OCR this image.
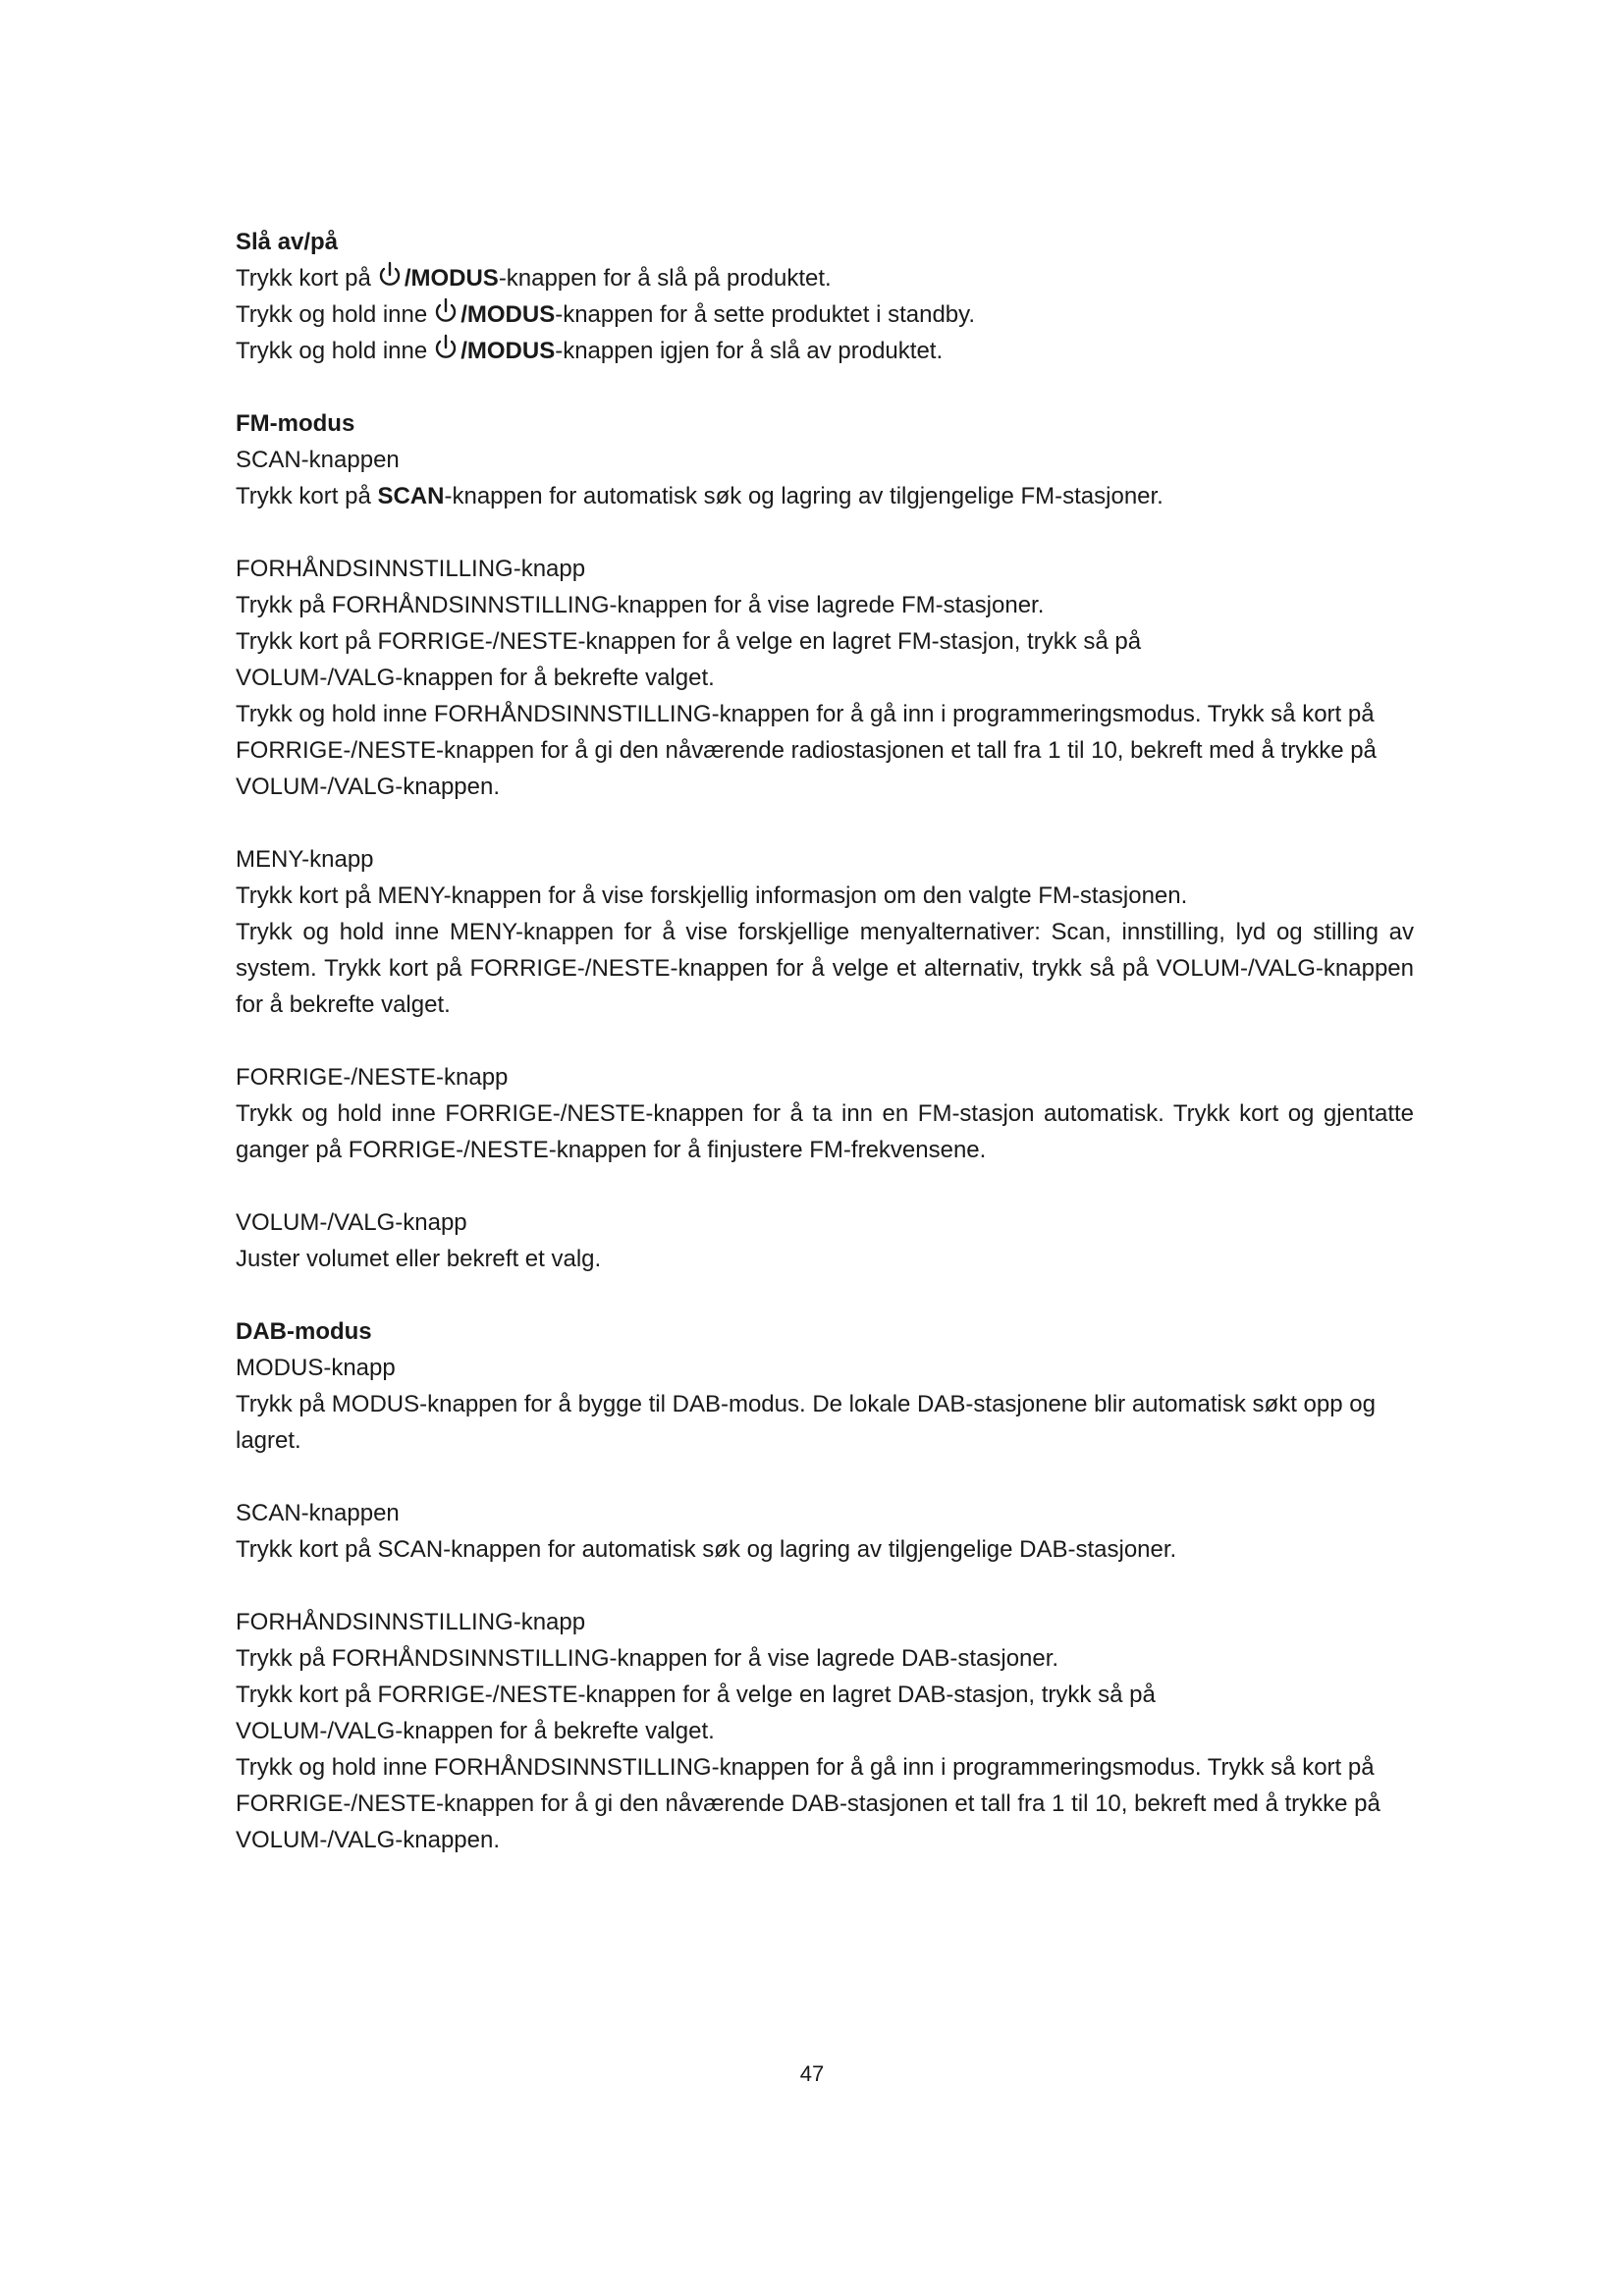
Slå av/på
Trykk kort på /MODUS-knappen for å slå på produktet.
Trykk og hold inne /MODUS-knappen for å sette produktet i standby.
Trykk og hold inne /MODUS-knappen igjen for å slå av produktet.
FM-modus
SCAN-knappen
Trykk kort på SCAN-knappen for automatisk søk og lagring av tilgjengelige FM-stasjoner.
FORHÅNDSINNSTILLING-knapp
Trykk på FORHÅNDSINNSTILLING-knappen for å vise lagrede FM-stasjoner.
Trykk kort på FORRIGE-/NESTE-knappen for å velge en lagret FM-stasjon, trykk så på
VOLUM-/VALG-knappen for å bekrefte valget.
Trykk og hold inne FORHÅNDSINNSTILLING-knappen for å gå inn i programmeringsmodus. Trykk så kort på FORRIGE-/NESTE-knappen for å gi den nåværende radiostasjonen et tall fra 1 til 10, bekreft med å trykke på VOLUM-/VALG-knappen.
MENY-knapp
Trykk kort på MENY-knappen for å vise forskjellig informasjon om den valgte FM-stasjonen.
Trykk og hold inne MENY-knappen for å vise forskjellige menyalternativer: Scan, innstilling, lyd og stilling av system. Trykk kort på FORRIGE-/NESTE-knappen for å velge et alternativ, trykk så på VOLUM-/VALG-knappen for å bekrefte valget.
FORRIGE-/NESTE-knapp
Trykk og hold inne FORRIGE-/NESTE-knappen for å ta inn en FM-stasjon automatisk. Trykk kort og gjentatte ganger på FORRIGE-/NESTE-knappen for å finjustere FM-frekvensene.
VOLUM-/VALG-knapp
Juster volumet eller bekreft et valg.
DAB-modus
MODUS-knapp
Trykk på MODUS-knappen for å bygge til DAB-modus. De lokale DAB-stasjonene blir automatisk søkt opp og lagret.
SCAN-knappen
Trykk kort på SCAN-knappen for automatisk søk og lagring av tilgjengelige DAB-stasjoner.
FORHÅNDSINNSTILLING-knapp
Trykk på FORHÅNDSINNSTILLING-knappen for å vise lagrede DAB-stasjoner.
Trykk kort på FORRIGE-/NESTE-knappen for å velge en lagret DAB-stasjon, trykk så på
VOLUM-/VALG-knappen for å bekrefte valget.
Trykk og hold inne FORHÅNDSINNSTILLING-knappen for å gå inn i programmeringsmodus. Trykk så kort på FORRIGE-/NESTE-knappen for å gi den nåværende DAB-stasjonen et tall fra 1 til 10, bekreft med å trykke på VOLUM-/VALG-knappen.
47
